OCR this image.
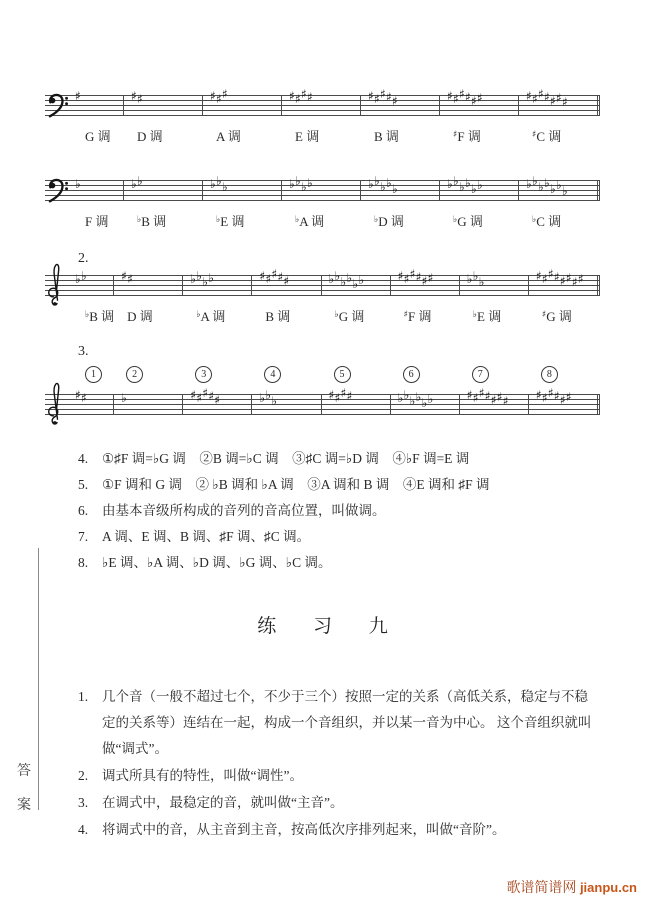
♯
G 调
♯♯
D 调
♯♯♯
A 调
♯♯♯♯
E 调
♯♯♯♯♯
B 调
♯♯♯♯♯♯
♯F 调
♯♯♯♯♯♯♯
♯C 调
♭
F 调
♭♭
♭B 调
♭♭♭
♭E 调
♭♭♭♭
♭A 调
♭♭♭♭♭
♭D 调
♭♭♭♭♭♭
♭G 调
♭♭♭♭♭♭♭
♭C 调
2.
♭♭
♭B 调
♯♯
D 调
♭♭♭♭
♭A 调
♯♯♯♯♯
B 调
♭♭♭♭♭♭
♭G 调
♯♯♯♯♯♯
♯F 调
♭♭♭
♭E 调
♯♯♯♯♯♯♯♯
♯G 调
3.
1
♯♯
2
♭
3
♯♯♯♯♯
4
♭♭♭
5
♯♯♯♯
6
♭♭♭♭♭♭
7
♯♯♯♯♯♯♯
8
♯♯♯♯♯♯
4.	①♯F 调=♭G 调　②B 调=♭C 调　③♯C 调=♭D 调　④♭F 调=E 调
5.	①F 调和 G 调　② ♭B 调和 ♭A 调　③A 调和 B 调　④E 调和 ♯F 调
6.	由基本音级所构成的音列的音高位置，叫做调。
7.	A 调、E 调、B 调、♯F 调、♯C 调。
8.	♭E 调、♭A 调、♭D 调、♭G 调、♭C 调。
练 习 九
1.	几个音（一般不超过七个，不少于三个）按照一定的关系（高低关系，稳定与不稳定的关系等）连结在一起，构成一个音组织，并以某一音为中心。 这个音组织就叫做“调式”。
2.	调式所具有的特性，叫做“调性”。
3.	在调式中，最稳定的音，就叫做“主音”。
4.	将调式中的音，从主音到主音，按高低次序排列起来，叫做“音阶”。
答
案
歌谱简谱网 jianpu.cn
